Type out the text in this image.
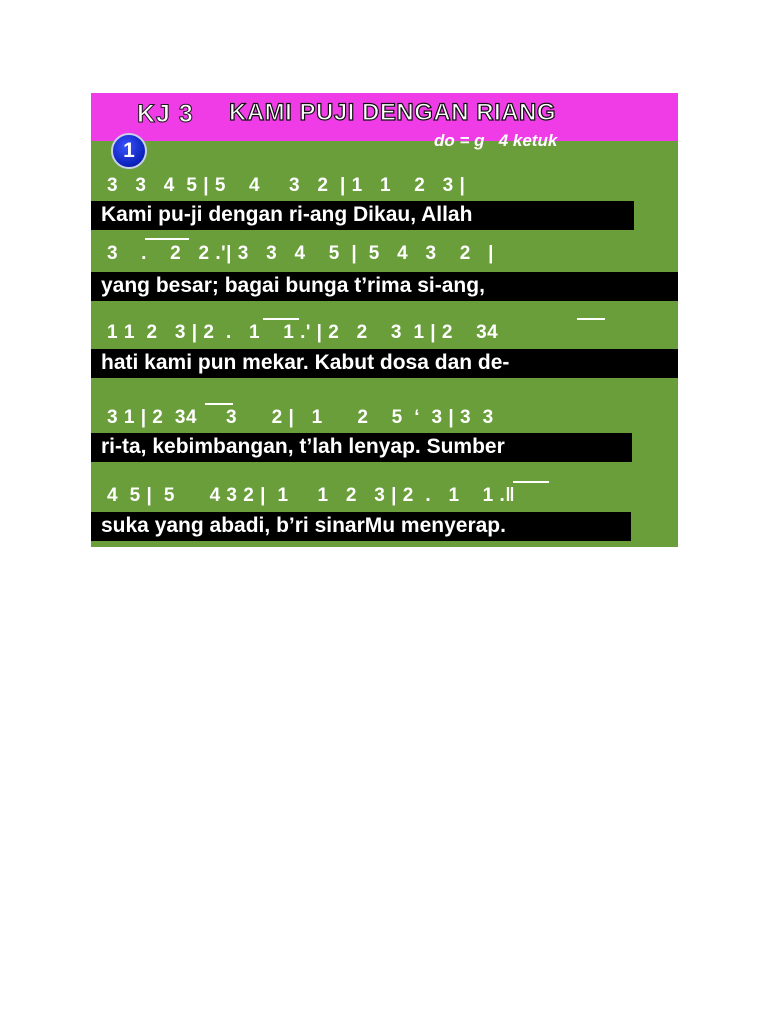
KJ 3 KAMI PUJI DENGAN RIANG
1	do = g   4 ketuk
3   3   4  5 | 5    4     3   2  | 1   1    2   3 |
Kami pu-ji dengan ri-ang Dikau, Allah
3    .    2   2 .'| 3   3   4    5  |  5   4   3    2   |
yang besar; bagai bunga t’rima si-ang,
1 1  2   3 | 2  .   1    1 .' | 2   2    3  1 | 2    34
hati kami pun mekar. Kabut dosa dan de-
3 1 | 2  34     3      2 |   1      2    5  ‘  3 | 3  3
ri-ta, kebimbangan, t’lah lenyap. Sumber
4  5 |  5      4 3 2 |  1     1   2   3 | 2  .   1    1 .‖
suka yang abadi, b’ri sinarMu menyerap.
